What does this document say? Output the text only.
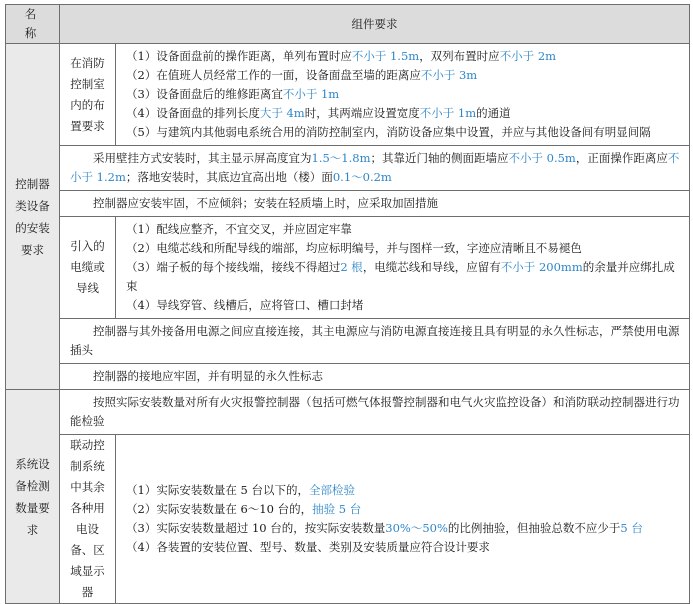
名 称	组件要求	
控制器类设备的安装要求	在消防控制室内的布置要求	（1）设备面盘前的操作距离，单列布置时应不小于 1.5m，双列布置时应不小于 2m
（2）在值班人员经常工作的一面，设备面盘至墙的距离应不小于 3m
（3）设备面盘后的维修距离宜不小于 1m
（4）设备面盘的排列长度大于 4m时，其两端应设置宽度不小于 1m的通道
（5）与建筑内其他弱电系统合用的消防控制室内，消防设备应集中设置，并应与其他设备间有明显间隔

	采用壁挂方式安装时，其主显示屏高度宜为1.5～1.8m；其靠近门轴的侧面距墙应不小于 0.5m，正面操作距离应不小于 1.2m；落地安装时，其底边宜高出地（楼）面0.1～0.2m	

	控制器应安装牢固，不应倾斜；安装在轻质墙上时，应采取加固措施	

	引入的电缆或导线	（1）配线应整齐，不宜交叉，并应固定牢靠
（2）电缆芯线和所配导线的端部，均应标明编号，并与图样一致，字迹应清晰且不易褪色
（3）端子板的每个接线端，接线不得超过2 根，电缆芯线和导线，应留有不小于 200mm的余量并应绑扎成束
（4）导线穿管、线槽后，应将管口、槽口封堵

	控制器与其外接备用电源之间应直接连接，其主电源应与消防电源直接连接且具有明显的永久性标志，严禁使用电源插头	

	控制器的接地应牢固，并有明显的永久性标志	

系统设备检测数量要求	按照实际安装数量对所有火灾报警控制器（包括可燃气体报警控制器和电气火灾监控设备）和消防联动控制器进行功能检验	

	联动控制系统中其余各种用电设备、区域显示器	（1）实际安装数量在 5 台以下的，全部检验
（2）实际安装数量在 6～10 台的，抽验 5 台
（3）实际安装数量超过 10 台的，按实际安装数量30%～50%的比例抽验，但抽验总数不应少于5 台
（4）各装置的安装位置、型号、数量、类别及安装质量应符合设计要求
